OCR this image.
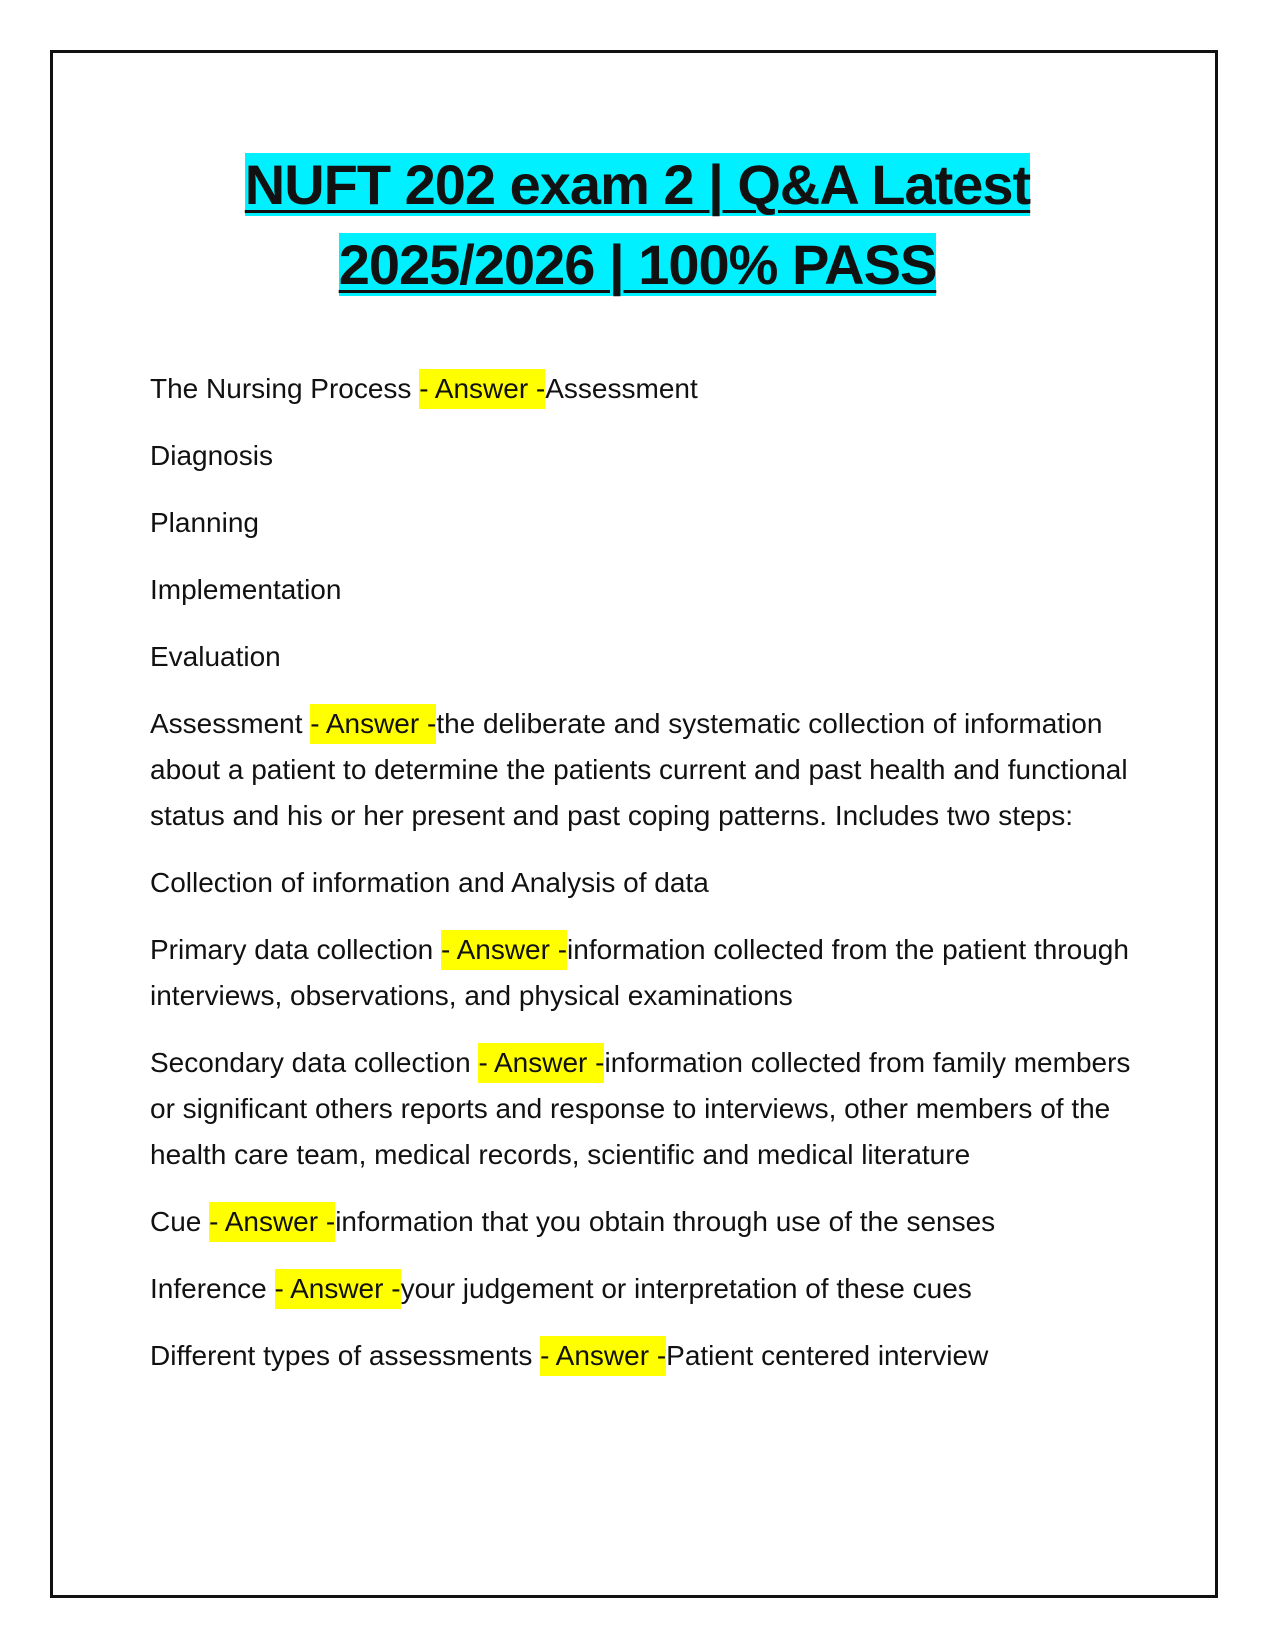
NUFT 202 exam 2 | Q&A Latest
2025/2026 | 100% PASS

The Nursing Process - Answer -Assessment

Diagnosis

Planning

Implementation

Evaluation

Assessment - Answer -the deliberate and systematic collection of information about a patient to determine the patients current and past health and functional status and his or her present and past coping patterns. Includes two steps:

Collection of information and Analysis of data

Primary data collection - Answer -information collected from the patient through interviews, observations, and physical examinations

Secondary data collection - Answer -information collected from family members or significant others reports and response to interviews, other members of the health care team, medical records, scientific and medical literature

Cue - Answer -information that you obtain through use of the senses

Inference - Answer -your judgement or interpretation of these cues

Different types of assessments - Answer -Patient centered interview
